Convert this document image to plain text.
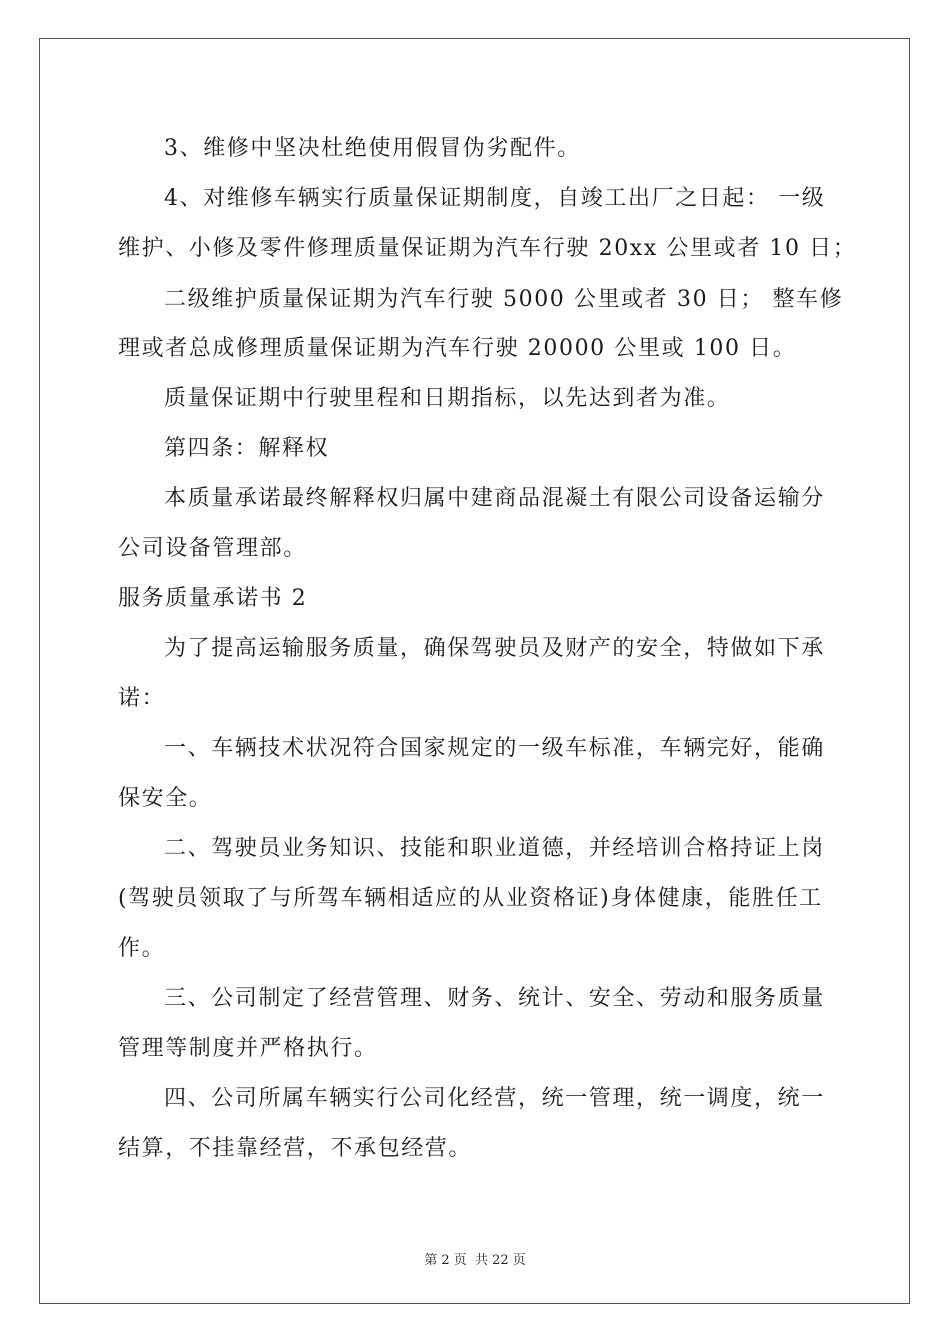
3、维修中坚决杜绝使用假冒伪劣配件。
4、对维修车辆实行质量保证期制度，自竣工出厂之日起： 一级
维护、小修及零件修理质量保证期为汽车行驶 20xx 公里或者 10 日；
二级维护质量保证期为汽车行驶 5000 公里或者 30 日； 整车修
理或者总成修理质量保证期为汽车行驶 20000 公里或 100 日。
质量保证期中行驶里程和日期指标，以先达到者为准。
第四条：解释权
本质量承诺最终解释权归属中建商品混凝土有限公司设备运输分
公司设备管理部。
服务质量承诺书 2
为了提高运输服务质量，确保驾驶员及财产的安全，特做如下承
诺：
一、车辆技术状况符合国家规定的一级车标准，车辆完好，能确
保安全。
二、驾驶员业务知识、技能和职业道德，并经培训合格持证上岗
(驾驶员领取了与所驾车辆相适应的从业资格证)身体健康，能胜任工
作。
三、公司制定了经营管理、财务、统计、安全、劳动和服务质量
管理等制度并严格执行。
四、公司所属车辆实行公司化经营，统一管理，统一调度，统一
结算，不挂靠经营，不承包经营。
第 2 页 共 22 页
